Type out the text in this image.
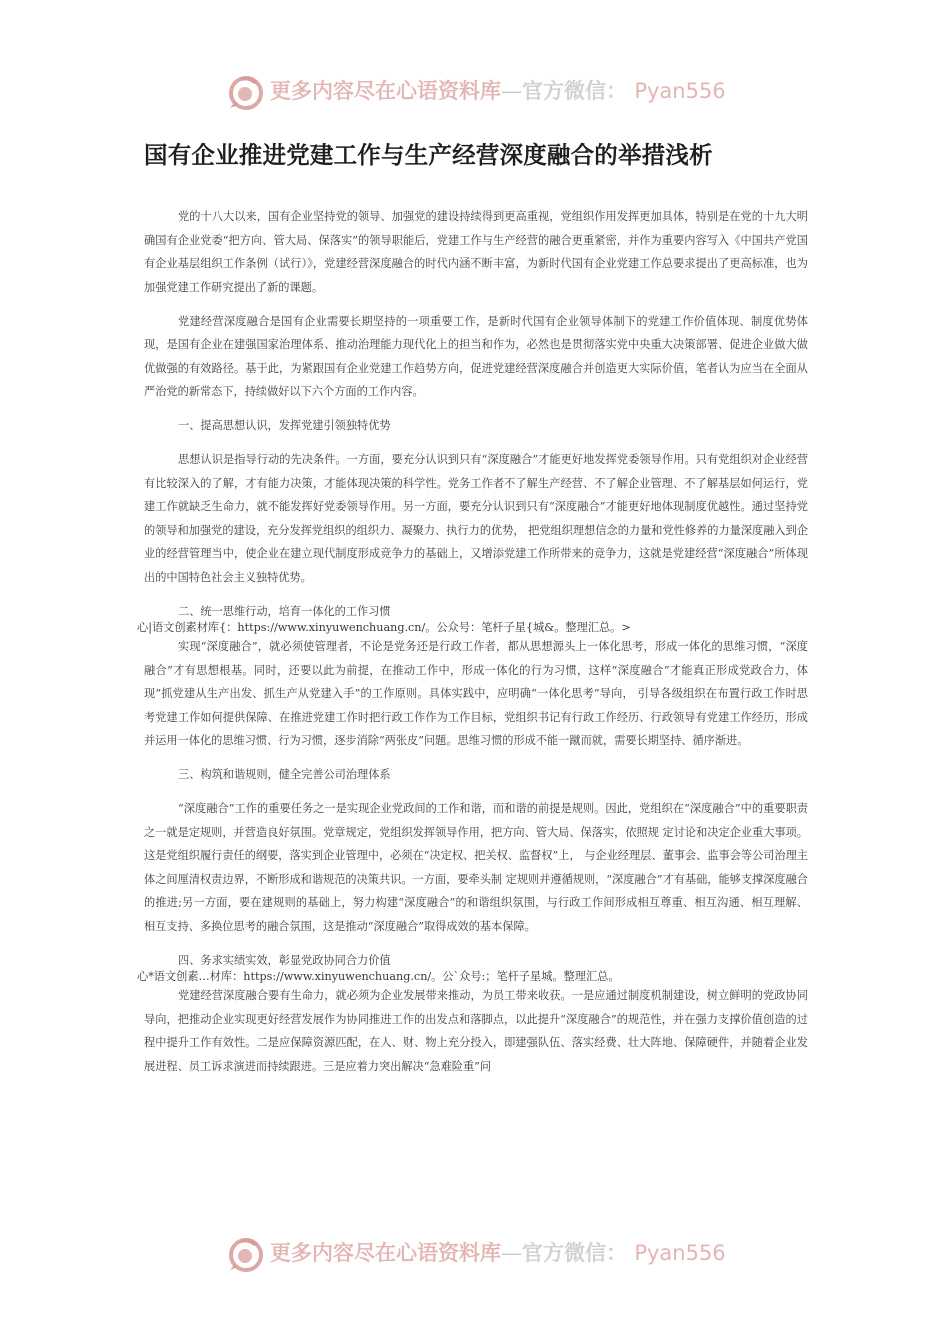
更多内容尽在心语资料库—官方微信： Pyan556
国有企业推进党建工作与生产经营深度融合的举措浅析

党的十八大以来，国有企业坚持党的领导、加强党的建设持续得到更高重视，党组织作用发挥更加具体，特别是在党的十九大明确国有企业党委“把方向、管大局、保落实”的领导职能后，党建工作与生产经营的融合更重紧密，并作为重要内容写入《中国共产党国有企业基层组织工作条例（试行）》，党建经营深度融合的时代内涵不断丰富，为新时代国有企业党建工作总要求提出了更高标准，也为加强党建工作研究提出了新的课题。

党建经营深度融合是国有企业需要长期坚持的一项重要工作，是新时代国有企业领导体制下的党建工作价值体现、制度优势体现，是国有企业在建强国家治理体系、推动治理能力现代化上的担当和作为，必然也是贯彻落实党中央重大决策部署、促进企业做大做优做强的有效路径。基于此，为紧跟国有企业党建工作趋势方向，促进党建经营深度融合并创造更大实际价值，笔者认为应当在全面从严治党的新常态下，持续做好以下六个方面的工作内容。

一、提高思想认识，发挥党建引领独特优势

思想认识是指导行动的先决条件。一方面，要充分认识到只有“深度融合”才能更好地发挥党委领导作用。只有党组织对企业经营有比较深入的了解，才有能力决策，才能体现决策的科学性。党务工作者不了解生产经营、不了解企业管理、不了解基层如何运行，党建工作就缺乏生命力，就不能发挥好党委领导作用。另一方面，要充分认识到只有“深度融合”才能更好地体现制度优越性。通过坚持党的领导和加强党的建设，充分发挥党组织的组织力、凝聚力、执行力的优势， 把党组织理想信念的力量和党性修养的力量深度融入到企业的经营管理当中，使企业在建立现代制度形成竞争力的基础上，又增添党建工作所带来的竞争力，这就是党建经营“深度融合”所体现出的中国特色社会主义独特优势。

二、统一思维行动，培育一体化的工作习惯

心|语文创素材库{：https://www.xinyuwenchuang.cn/。公众号：笔杆子星{城&。整理汇总。>

实现“深度融合”，就必须使管理者，不论是党务还是行政工作者，都从思想源头上一体化思考，形成一体化的思维习惯，“深度融合”才有思想根基。同时，还要以此为前提，在推动工作中，形成一体化的行为习惯，这样“深度融合”才能真正形成党政合力，体现“抓党建从生产出发、抓生产从党建入手”的工作原则。具体实践中，应明确“一体化思考”导向， 引导各级组织在布置行政工作时思考党建工作如何提供保障、在推进党建工作时把行政工作作为工作目标，党组织书记有行政工作经历、行政领导有党建工作经历，形成并运用一体化的思维习惯、行为习惯，逐步消除“两张皮”问题。思维习惯的形成不能一蹴而就，需要长期坚持、循序渐进。

三、构筑和谐规则，健全完善公司治理体系

“深度融合”工作的重要任务之一是实现企业党政间的工作和谐，而和谐的前提是规则。因此，党组织在“深度融合”中的重要职责之一就是定规则，并营造良好氛围。党章规定，党组织发挥领导作用，把方向、管大局、保落实，依照规 定讨论和决定企业重大事项。这是党组织履行责任的纲要，落实到企业管理中，必须在“决定权、把关权、监督权”上， 与企业经理层、董事会、监事会等公司治理主体之间厘清权责边界，不断形成和谐规范的决策共识。一方面，要牵头制 定规则并遵循规则，“深度融合”才有基础，能够支撑深度融合的推进;另一方面，要在建规则的基础上，努力构建“深度融合”的和谐组织氛围，与行政工作间形成相互尊重、相互沟通、相互理解、相互支持、多换位思考的融合氛围，这是推动“深度融合”取得成效的基本保障。

四、务求实绩实效，彰显党政协同合力价值

心*语文创素…材库：https://www.xinyuwenchuang.cn/。公`众号:；笔杆子星城。整理汇总。

党建经营深度融合要有生命力，就必须为企业发展带来推动，为员工带来收获。一是应通过制度机制建设，树立鲜明的党政协同导向，把推动企业实现更好经营发展作为协同推进工作的出发点和落脚点，以此提升“深度融合”的规范性，并在强力支撑价值创造的过程中提升工作有效性。二是应保障资源匹配，在人、财、物上充分投入，即建强队伍、落实经费、壮大阵地、保障硬件，并随着企业发展进程、员工诉求演进而持续跟进。三是应着力突出解决“急难险重”问

更多内容尽在心语资料库—官方微信： Pyan556
